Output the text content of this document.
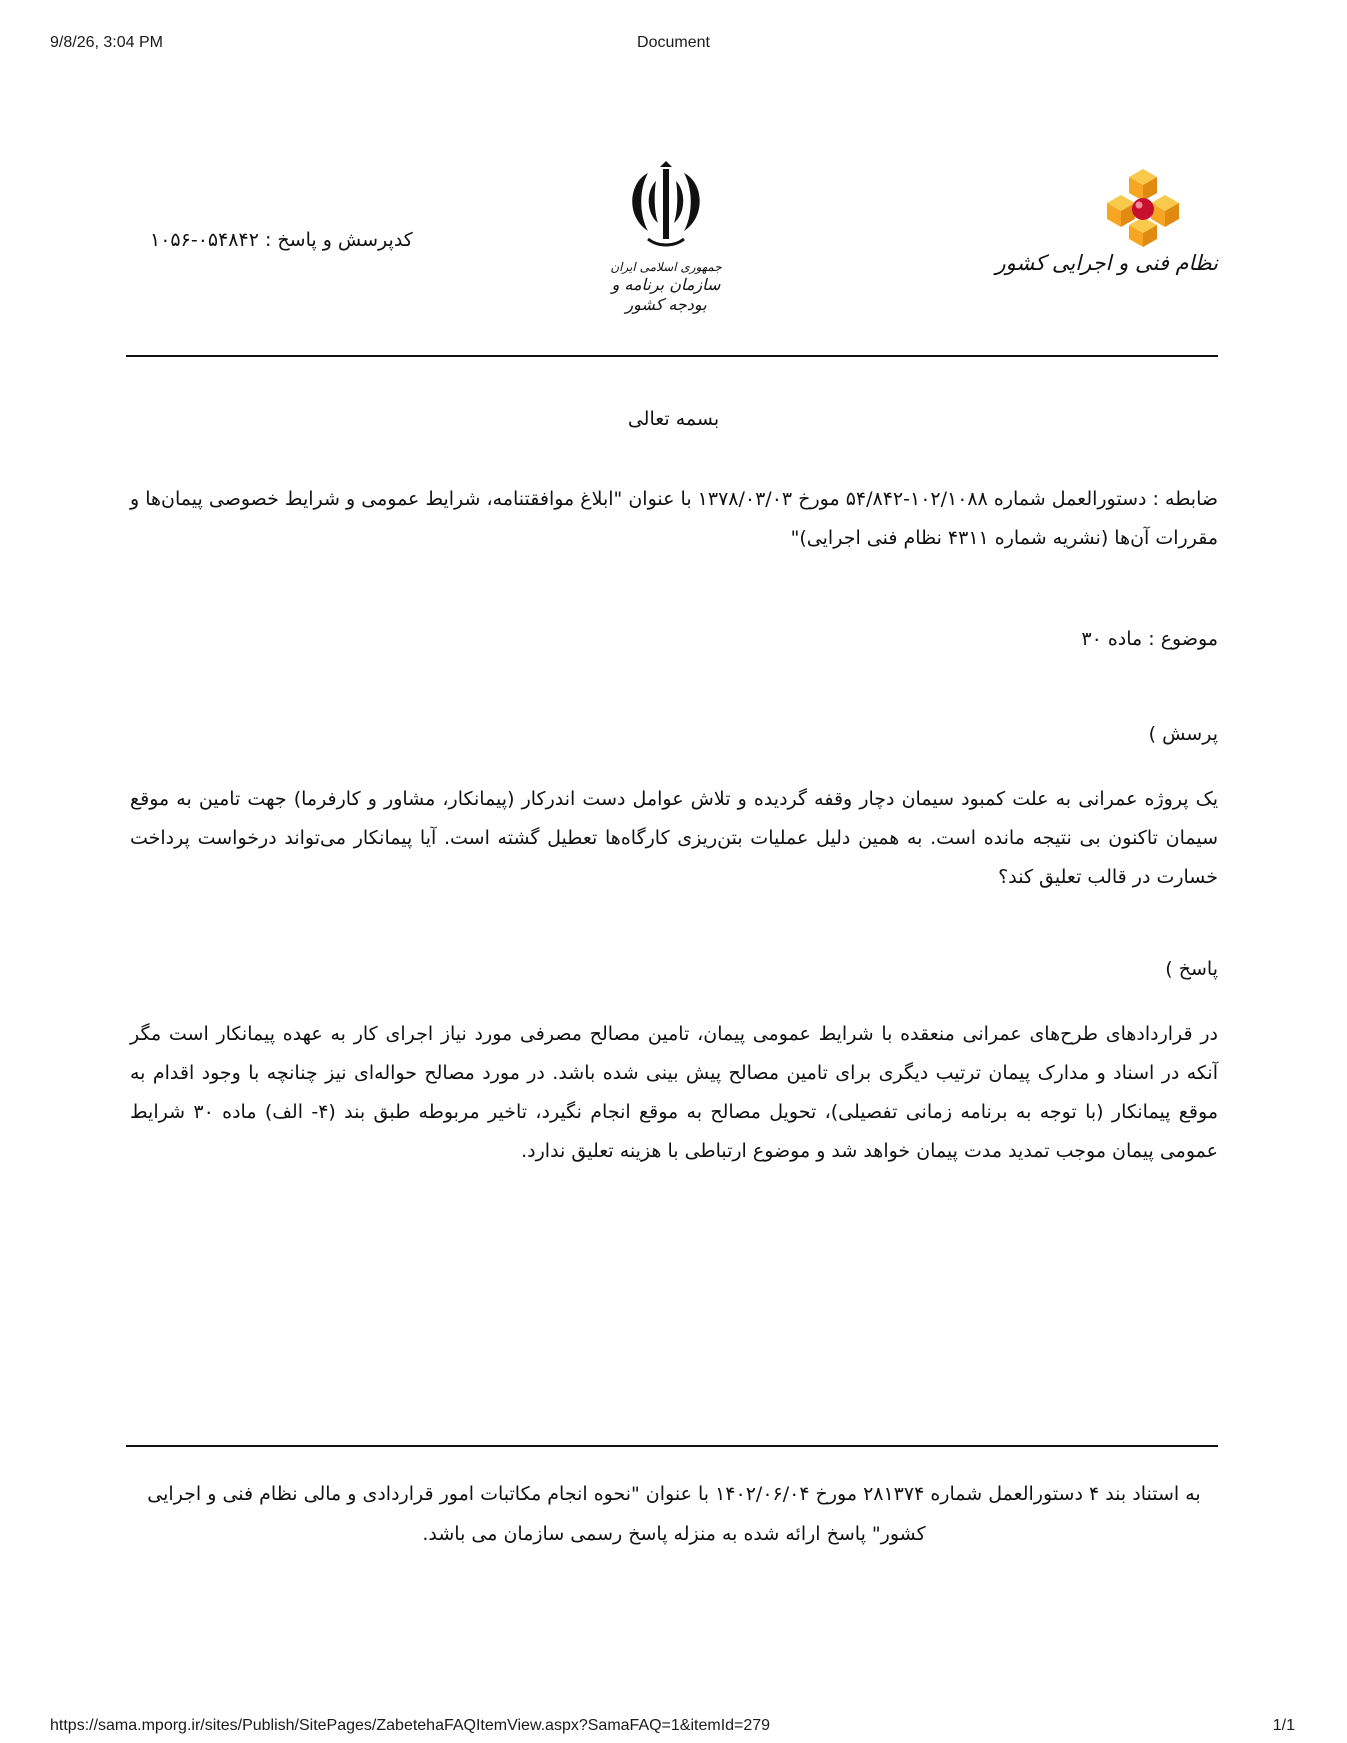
9/8/26, 3:04 PM	Document
کدپرسش و پاسخ : ۰۵۴۸۴۲-۱۰۵۶
جمهوری اسلامی ایران
سازمان برنامه و بودجه کشور
نظام فنی و اجرایی کشور
بسمه تعالی
ضابطه : دستورالعمل شماره ۱۰۲/۱۰۸۸-۵۴/۸۴۲ مورخ ۱۳۷۸/۰۳/۰۳ با عنوان "ابلاغ موافقتنامه، شرایط عمومی و شرایط خصوصی پیمان‌ها و مقررات آن‌ها (نشریه شماره ۴۳۱۱ نظام فنی اجرایی)"
موضوع : ماده ۳۰
پرسش )
یک پروژه عمرانی به علت کمبود سیمان دچار وقفه گردیده و تلاش عوامل دست اندرکار (پیمانکار، مشاور و کارفرما) جهت تامین به موقع سیمان تاکنون بی نتیجه مانده است. به همین دلیل عملیات بتن‌ریزی کارگاه‌ها تعطیل گشته است. آیا پیمانکار می‌تواند درخواست پرداخت خسارت در قالب تعلیق کند؟
پاسخ )
در قراردادهای طرح‌های عمرانی منعقده با شرایط عمومی پیمان، تامین مصالح مصرفی مورد نیاز اجرای کار به عهده پیمانکار است مگر آنکه در اسناد و مدارک پیمان ترتیب دیگری برای تامین مصالح پیش بینی شده باشد. در مورد مصالح حواله‌ای نیز چنانچه با وجود اقدام به موقع پیمانکار (با توجه به برنامه زمانی تفصیلی)، تحویل مصالح به موقع انجام نگیرد، تاخیر مربوطه طبق بند (۴- الف) ماده ۳۰ شرایط عمومی پیمان موجب تمدید مدت پیمان خواهد شد و موضوع ارتباطی با هزینه تعلیق ندارد.
به استناد بند ۴ دستورالعمل شماره ۲۸۱۳۷۴ مورخ ۱۴۰۲/۰۶/۰۴ با عنوان "نحوه انجام مکاتبات امور قراردادی و مالی نظام فنی و اجرایی کشور" پاسخ ارائه شده به منزله پاسخ رسمی سازمان می باشد.
https://sama.mporg.ir/sites/Publish/SitePages/ZabetehaFAQItemView.aspx?SamaFAQ=1&itemId=279	1/1
